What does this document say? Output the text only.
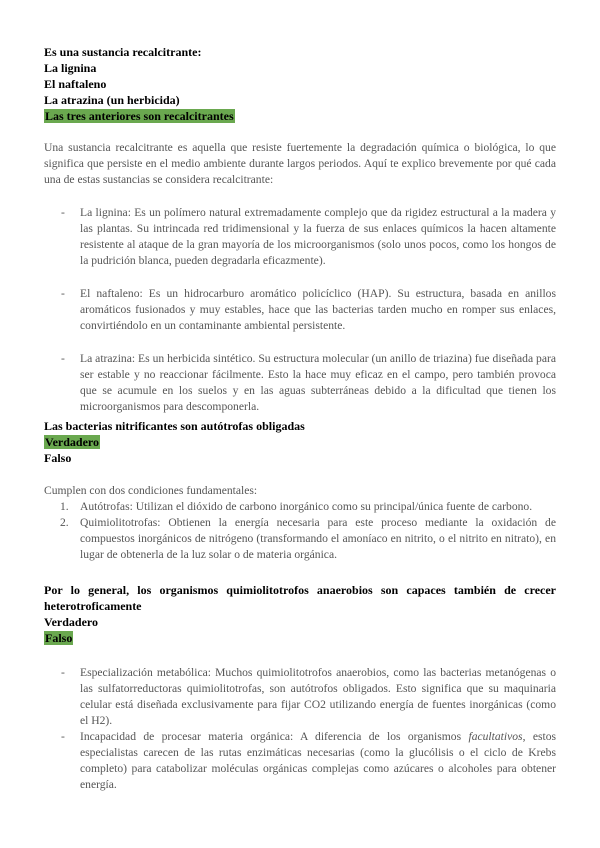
Es una sustancia recalcitrante:
La lignina
El naftaleno
La atrazina (un herbicida)
Las tres anteriores son recalcitrantes
Una sustancia recalcitrante es aquella que resiste fuertemente la degradación química o biológica, lo que significa que persiste en el medio ambiente durante largos periodos. Aquí te explico brevemente por qué cada una de estas sustancias se considera recalcitrante:
- La lignina: Es un polímero natural extremadamente complejo que da rigidez estructural a la madera y las plantas. Su intrincada red tridimensional y la fuerza de sus enlaces químicos la hacen altamente resistente al ataque de la gran mayoría de los microorganismos (solo unos pocos, como los hongos de la pudrición blanca, pueden degradarla eficazmente).
- El naftaleno: Es un hidrocarburo aromático policíclico (HAP). Su estructura, basada en anillos aromáticos fusionados y muy estables, hace que las bacterias tarden mucho en romper sus enlaces, convirtiéndolo en un contaminante ambiental persistente.
- La atrazina: Es un herbicida sintético. Su estructura molecular (un anillo de triazina) fue diseñada para ser estable y no reaccionar fácilmente. Esto la hace muy eficaz en el campo, pero también provoca que se acumule en los suelos y en las aguas subterráneas debido a la dificultad que tienen los microorganismos para descomponerla.
Las bacterias nitrificantes son autótrofas obligadas
Verdadero
Falso
Cumplen con dos condiciones fundamentales:
1. Autótrofas: Utilizan el dióxido de carbono inorgánico como su principal/única fuente de carbono.
2. Quimiolitotrofas: Obtienen la energía necesaria para este proceso mediante la oxidación de compuestos inorgánicos de nitrógeno (transformando el amoníaco en nitrito, o el nitrito en nitrato), en lugar de obtenerla de la luz solar o de materia orgánica.
Por lo general, los organismos quimiolitotrofos anaerobios son capaces también de crecer heterotroficamente
Verdadero
Falso
- Especialización metabólica: Muchos quimiolitotrofos anaerobios, como las bacterias metanógenas o las sulfatorreductoras quimiolitotrofas, son autótrofos obligados. Esto significa que su maquinaria celular está diseñada exclusivamente para fijar CO2 utilizando energía de fuentes inorgánicas (como el H2).
- Incapacidad de procesar materia orgánica: A diferencia de los organismos facultativos, estos especialistas carecen de las rutas enzimáticas necesarias (como la glucólisis o el ciclo de Krebs completo) para catabolizar moléculas orgánicas complejas como azúcares o alcoholes para obtener energía.
